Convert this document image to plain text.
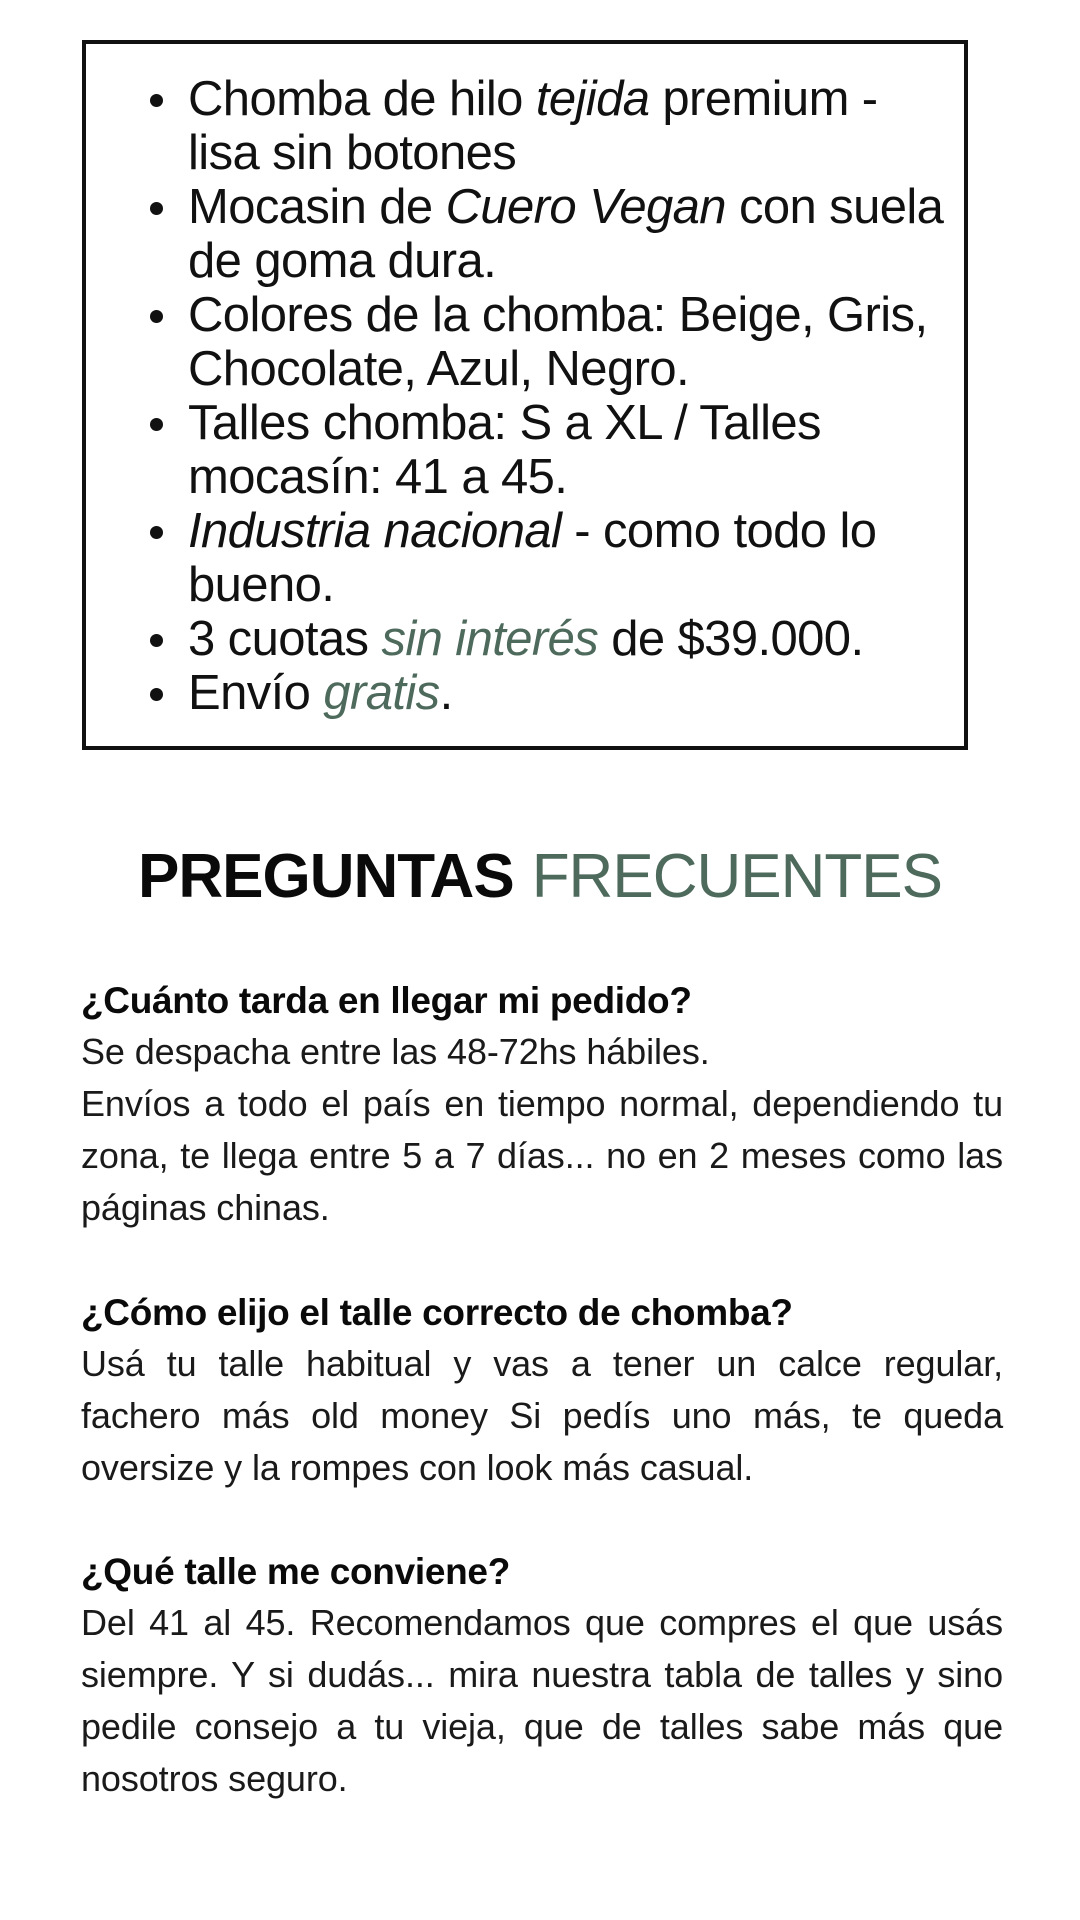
Chomba de hilo tejida premium - lisa sin botones
Mocasin de Cuero Vegan con suela de goma dura.
Colores de la chomba: Beige, Gris, Chocolate, Azul, Negro.
Talles chomba: S a XL / Talles mocasín: 41 a 45.
Industria nacional - como todo lo bueno.
3 cuotas sin interés de $39.000.
Envío gratis.
PREGUNTAS FRECUENTES
¿Cuánto tarda en llegar mi pedido?

Se despacha entre las 48-72hs hábiles.

Envíos a todo el país en tiempo normal, dependiendo tu zona, te llega entre 5 a 7 días... no en 2 meses como las páginas chinas.

¿Cómo elijo el talle correcto de chomba?

Usá tu talle habitual y vas a tener un calce regular, fachero más old money Si pedís uno más, te queda oversize y la rompes con look más casual.

¿Qué talle me conviene?

Del 41 al 45. Recomendamos que compres el que usás siempre. Y si dudás... mira nuestra tabla de talles y sino pedile consejo a tu vieja, que de talles sabe más que nosotros seguro.
